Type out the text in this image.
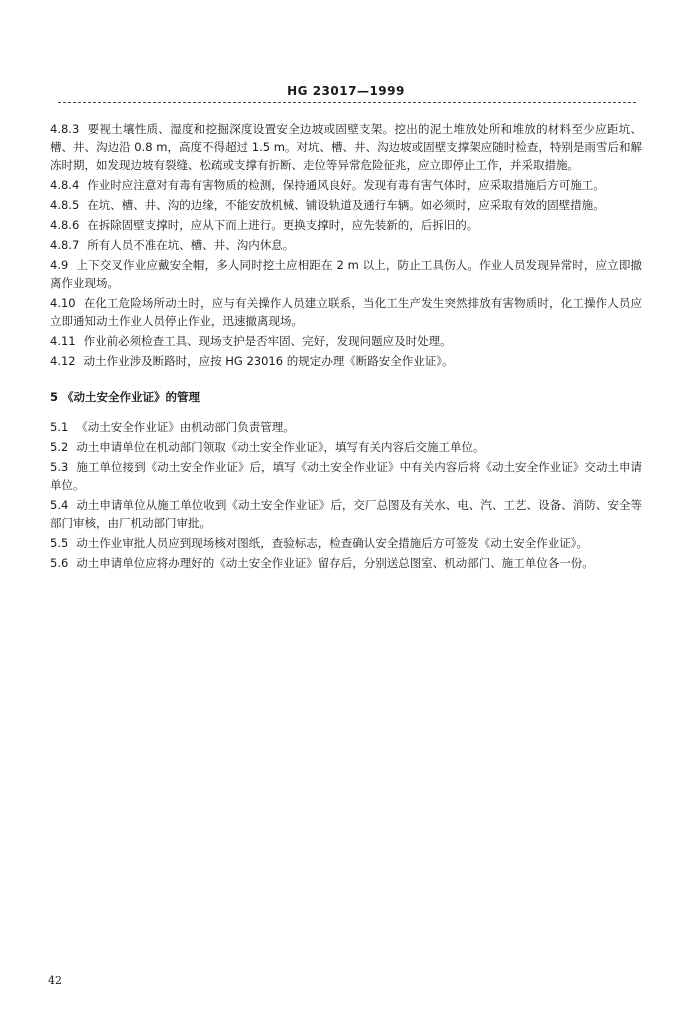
HG 23017—1999

4.8.3 要视土壤性质、湿度和挖掘深度设置安全边坡或固壁支架。挖出的泥土堆放处所和堆放的材料至少应距坑、槽、井、沟边沿 0.8 m，高度不得超过 1.5 m。对坑、槽、井、沟边坡或固壁支撑架应随时检查，特别是雨雪后和解冻时期，如发现边坡有裂缝、松疏或支撑有折断、走位等异常危险征兆，应立即停止工作，并采取措施。

4.8.4 作业时应注意对有毒有害物质的检测，保持通风良好。发现有毒有害气体时，应采取措施后方可施工。

4.8.5 在坑、槽、井、沟的边缘，不能安放机械、铺设轨道及通行车辆。如必须时，应采取有效的固壁措施。

4.8.6 在拆除固壁支撑时，应从下而上进行。更换支撑时，应先装新的，后拆旧的。

4.8.7 所有人员不准在坑、槽、井、沟内休息。

4.9 上下交叉作业应戴安全帽，多人同时挖土应相距在 2 m 以上，防止工具伤人。作业人员发现异常时，应立即撤离作业现场。

4.10 在化工危险场所动土时，应与有关操作人员建立联系，当化工生产发生突然排放有害物质时，化工操作人员应立即通知动土作业人员停止作业，迅速撤离现场。

4.11 作业前必须检查工具、现场支护是否牢固、完好，发现问题应及时处理。

4.12 动土作业涉及断路时，应按 HG 23016 的规定办理《断路安全作业证》。

5 《动土安全作业证》的管理

5.1 《动土安全作业证》由机动部门负责管理。

5.2 动土申请单位在机动部门领取《动土安全作业证》，填写有关内容后交施工单位。

5.3 施工单位接到《动土安全作业证》后，填写《动土安全作业证》中有关内容后将《动土安全作业证》交动土申请单位。

5.4 动土申请单位从施工单位收到《动土安全作业证》后，交厂总图及有关水、电、汽、工艺、设备、消防、安全等部门审核，由厂机动部门审批。

5.5 动土作业审批人员应到现场核对图纸，查验标志，检查确认安全措施后方可签发《动土安全作业证》。

5.6 动土申请单位应将办理好的《动土安全作业证》留存后，分别送总图室、机动部门、施工单位各一份。

42
